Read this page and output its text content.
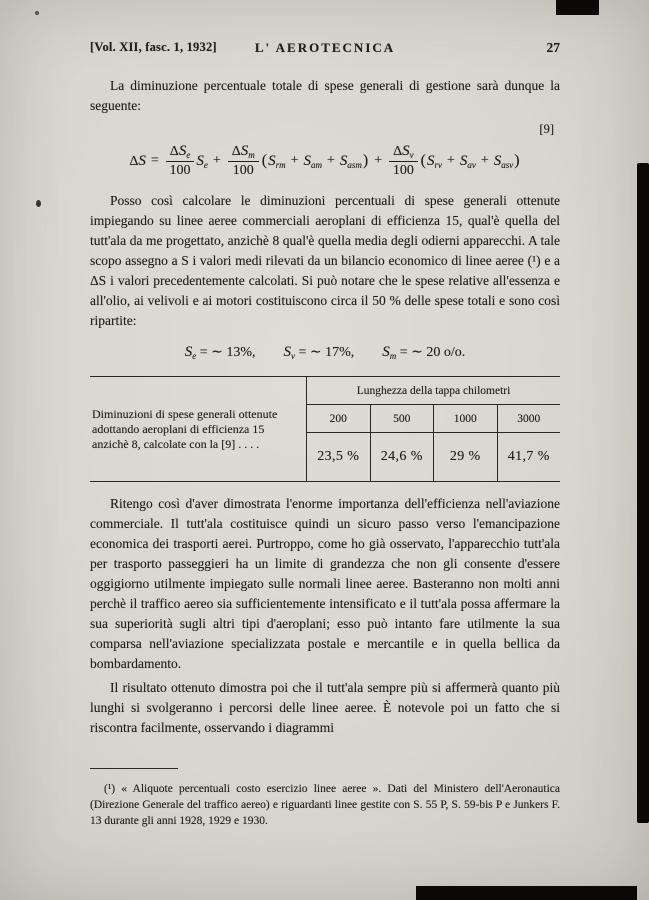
[Vol. XII, fasc. 1, 1932]	L' AEROTECNICA	27

La diminuzione percentuale totale di spese generali di gestione sarà dunque la seguente:

[9]
$\Delta S = \frac{\Delta S_e}{100} S_e + \frac{\Delta S_m}{100}$ ( $S_{rm} + S_{am} + S_{asm}$ ) + $\frac{\Delta S_v}{100}$ ( $S_{rv} + S_{av} + S_{asv}$ )

Posso così calcolare le diminuzioni percentuali di spese generali ottenute impiegando su linee aeree commerciali aeroplani di efficienza 15, qual'è quella del tutt'ala da me progettato, anzichè 8 qual'è quella media degli odierni apparecchi. A tale scopo assegno a S i valori medi rilevati da un bilancio economico di linee aeree (¹) e a ΔS i valori precedentemente calcolati. Si può notare che le spese relative all'essenza e all'olio, ai velivoli e ai motori costituiscono circa il 50 % delle spese totali e sono così ripartite:

$S_e$ = ∼ 13%, $S_v$ = ∼ 17%, $S_m$ = ∼ 20 o/o.
Diminuzioni di spese generali ottenute adottando aeroplani di efficienza 15 anzichè 8, calcolate con la [9] . . . .
Lunghezza della tappa chilometri
200	500	1000	3000
23,5 %	24,6 %	29 %	41,7 %

Ritengo così d'aver dimostrata l'enorme importanza dell'efficienza nell'aviazione commerciale. Il tutt'ala costituisce quindi un sicuro passo verso l'emancipazione economica dei trasporti aerei. Purtroppo, come ho già osservato, l'apparecchio tutt'ala per trasporto passeggieri ha un limite di grandezza che non gli consente d'essere oggigiorno utilmente impiegato sulle normali linee aeree. Basteranno non molti anni perchè il traffico aereo sia sufficientemente intensificato e il tutt'ala possa affermare la sua superiorità sugli altri tipi d'aeroplani; esso può intanto fare utilmente la sua comparsa nell'aviazione specializzata postale e mercantile e in quella bellica da bombardamento.

Il risultato ottenuto dimostra poi che il tutt'ala sempre più si affermerà quanto più lunghi si svolgeranno i percorsi delle linee aeree. È notevole poi un fatto che si riscontra facilmente, osservando i diagrammi

(¹) « Aliquote percentuali costo esercizio linee aeree ». Dati del Ministero dell'Aeronautica (Direzione Generale del traffico aereo) e riguardanti linee gestite con S. 55 P, S. 59-bis P e Junkers F. 13 durante gli anni 1928, 1929 e 1930.
